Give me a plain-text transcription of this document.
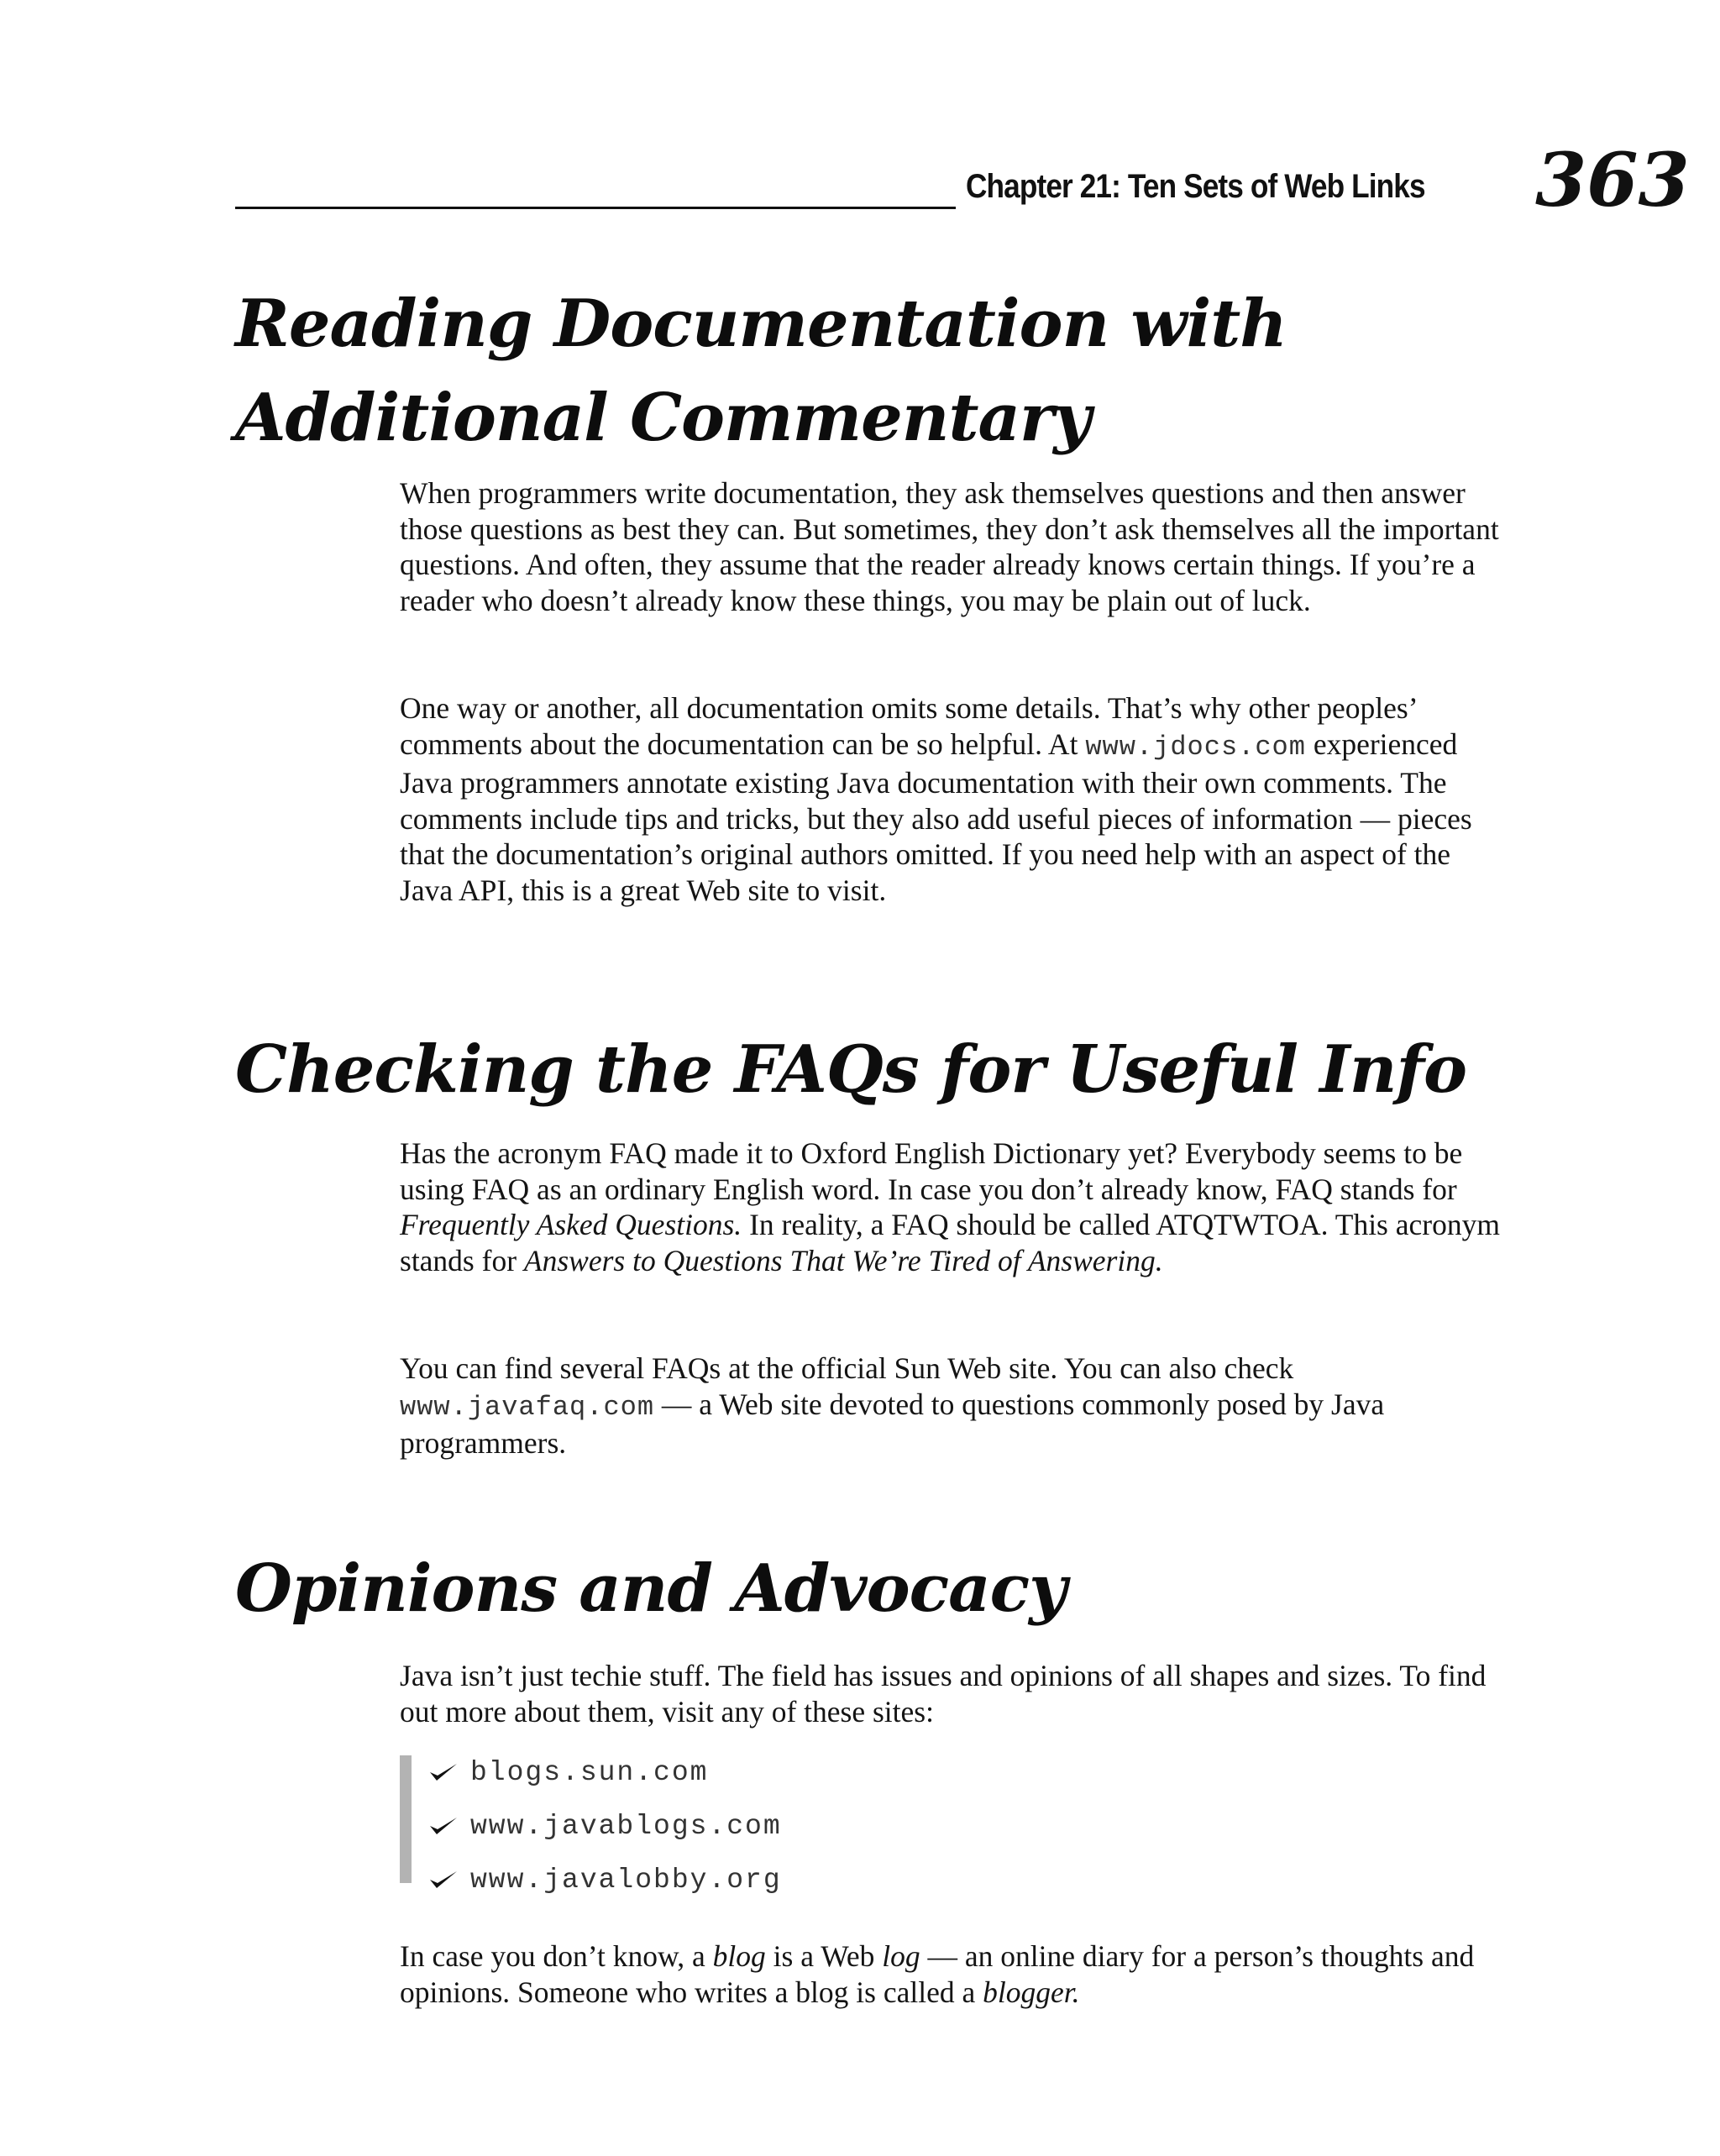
Chapter 21: Ten Sets of Web Links 363
Reading Documentation with
Additional Commentary

When programmers write documentation, they ask themselves questions and then answer those questions as best they can. But sometimes, they don’t ask themselves all the important questions. And often, they assume that the reader already knows certain things. If you’re a reader who doesn’t already know these things, you may be plain out of luck.

One way or another, all documentation omits some details. That’s why other peoples’ comments about the documentation can be so helpful. At www.jdocs.com experienced Java programmers annotate existing Java documentation with their own comments. The comments include tips and tricks, but they also add useful pieces of information — pieces that the documentation’s original authors omitted. If you need help with an aspect of the Java API, this is a great Web site to visit.

Checking the FAQs for Useful Info

Has the acronym FAQ made it to Oxford English Dictionary yet? Everybody seems to be using FAQ as an ordinary English word. In case you don’t already know, FAQ stands for Frequently Asked Questions. In reality, a FAQ should be called ATQTWTOA. This acronym stands for Answers to Questions That We’re Tired of Answering.

You can find several FAQs at the official Sun Web site. You can also check www.javafaq.com — a Web site devoted to questions commonly posed by Java programmers.

Opinions and Advocacy

Java isn’t just techie stuff. The field has issues and opinions of all shapes and sizes. To find out more about them, visit any of these sites:

blogs.sun.com
www.javablogs.com
www.javalobby.org

In case you don’t know, a blog is a Web log — an online diary for a person’s thoughts and opinions. Someone who writes a blog is called a blogger.
